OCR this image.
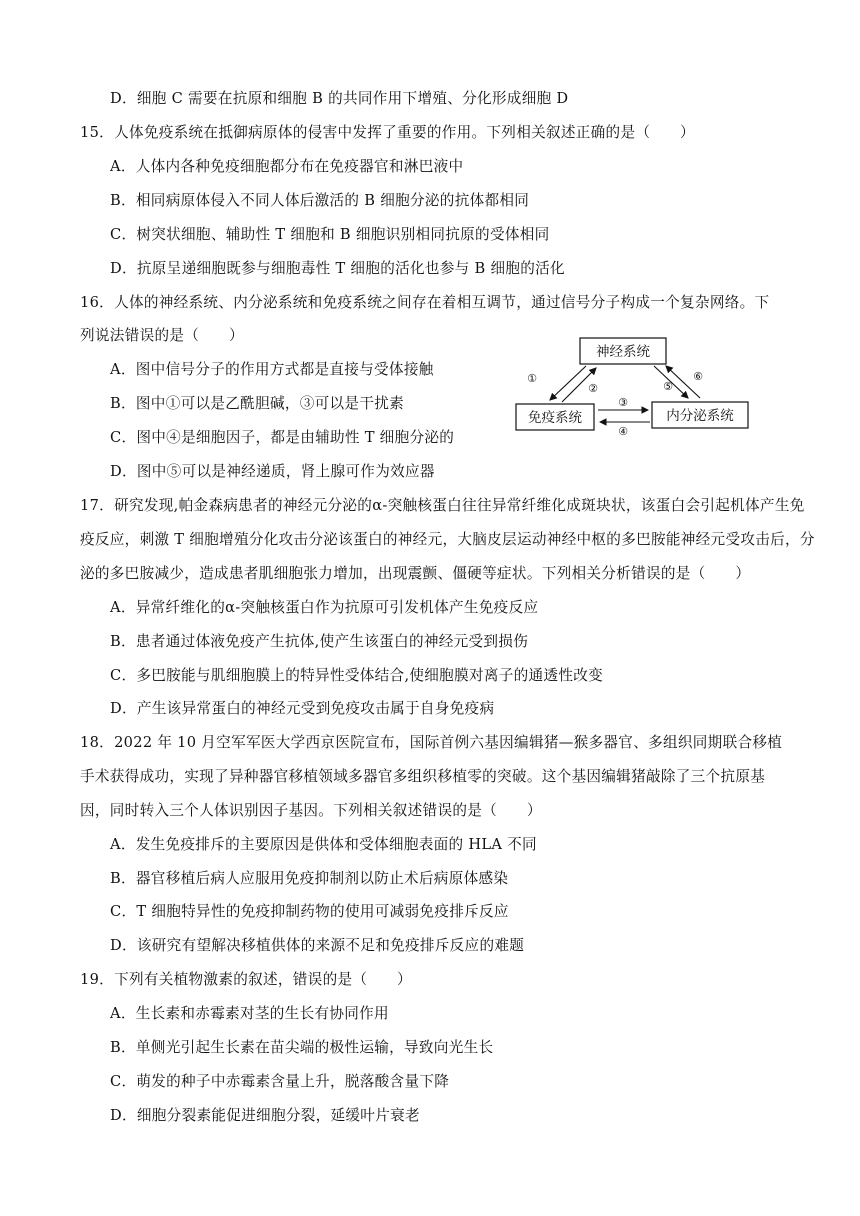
D．细胞 C 需要在抗原和细胞 B 的共同作用下增殖、分化形成细胞 D
15．人体免疫系统在抵御病原体的侵害中发挥了重要的作用。下列相关叙述正确的是（　　）
A．人体内各种免疫细胞都分布在免疫器官和淋巴液中
B．相同病原体侵入不同人体后激活的 B 细胞分泌的抗体都相同
C．树突状细胞、辅助性 T 细胞和 B 细胞识别相同抗原的受体相同
D．抗原呈递细胞既参与细胞毒性 T 细胞的活化也参与 B 细胞的活化
16．人体的神经系统、内分泌系统和免疫系统之间存在着相互调节，通过信号分子构成一个复杂网络。下
列说法错误的是（　　）
A．图中信号分子的作用方式都是直接与受体接触
B．图中①可以是乙酰胆碱，③可以是干扰素
C．图中④是细胞因子，都是由辅助性 T 细胞分泌的
D．图中⑤可以是神经递质，肾上腺可作为效应器
神经系统
免疫系统	内分泌系统
①
②
③
④
⑤
⑥
17．研究发现,帕金森病患者的神经元分泌的α-突触核蛋白往往异常纤维化成斑块状，该蛋白会引起机体产生免
疫反应，刺激 T 细胞增殖分化攻击分泌该蛋白的神经元，大脑皮层运动神经中枢的多巴胺能神经元受攻击后，分
泌的多巴胺减少，造成患者肌细胞张力增加，出现震颤、僵硬等症状。下列相关分析错误的是（　　）
A．异常纤维化的α-突触核蛋白作为抗原可引发机体产生免疫反应
B．患者通过体液免疫产生抗体,使产生该蛋白的神经元受到损伤
C．多巴胺能与肌细胞膜上的特异性受体结合,使细胞膜对离子的通透性改变
D．产生该异常蛋白的神经元受到免疫攻击属于自身免疫病
18．2022 年 10 月空军军医大学西京医院宣布，国际首例六基因编辑猪—猴多器官、多组织同期联合移植
手术获得成功，实现了异种器官移植领域多器官多组织移植零的突破。这个基因编辑猪敲除了三个抗原基
因，同时转入三个人体识别因子基因。下列相关叙述错误的是（　　）
A．发生免疫排斥的主要原因是供体和受体细胞表面的 HLA 不同
B．器官移植后病人应服用免疫抑制剂以防止术后病原体感染
C．T 细胞特异性的免疫抑制药物的使用可减弱免疫排斥反应
D．该研究有望解决移植供体的来源不足和免疫排斥反应的难题
19．下列有关植物激素的叙述，错误的是（　　）
A．生长素和赤霉素对茎的生长有协同作用
B．单侧光引起生长素在苗尖端的极性运输，导致向光生长
C．萌发的种子中赤霉素含量上升，脱落酸含量下降
D．细胞分裂素能促进细胞分裂，延缓叶片衰老
